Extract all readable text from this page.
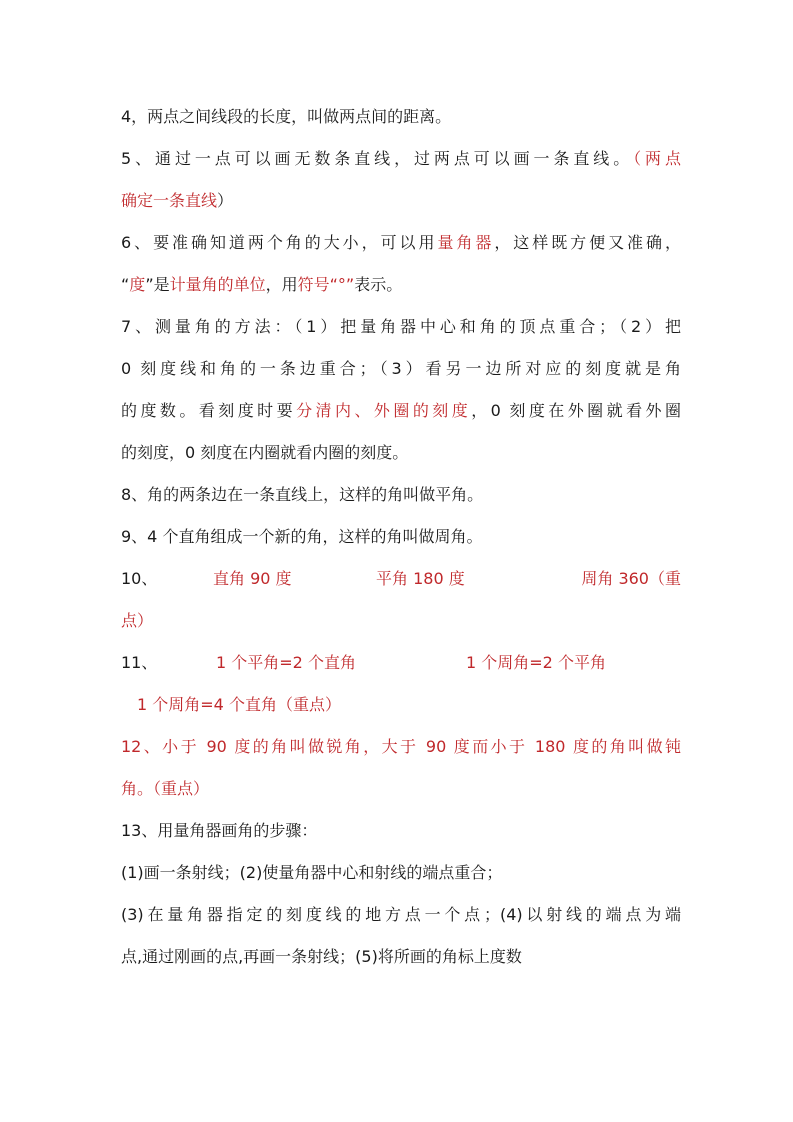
4，两点之间线段的长度，叫做两点间的距离。
5、通过一点可以画无数条直线，过两点可以画一条直线。（两点
确定一条直线）
6、要准确知道两个角的大小，可以用量角器，这样既方便又准确，
“度”是计量角的单位，用符号“°”表示。
7、测量角的方法：（1）把量角器中心和角的顶点重合；（2）把
0 刻度线和角的一条边重合；（3）看另一边所对应的刻度就是角
的度数。看刻度时要分清内、外圈的刻度，0 刻度在外圈就看外圈
的刻度，0 刻度在内圈就看内圈的刻度。
8、角的两条边在一条直线上，这样的角叫做平角。
9、4 个直角组成一个新的角，这样的角叫做周角。
10、	直角 90 度	平角 180 度	周角 360（重
点）
11、	1 个平角=2 个直角	1 个周角=2 个平角
1 个周角=4 个直角（重点）
12、小于 90 度的角叫做锐角，大于 90 度而小于 180 度的角叫做钝
角。（重点）
13、用量角器画角的步骤：
(1)画一条射线；(2)使量角器中心和射线的端点重合；
(3)在量角器指定的刻度线的地方点一个点；(4)以射线的端点为端
点,通过刚画的点,再画一条射线；(5)将所画的角标上度数
